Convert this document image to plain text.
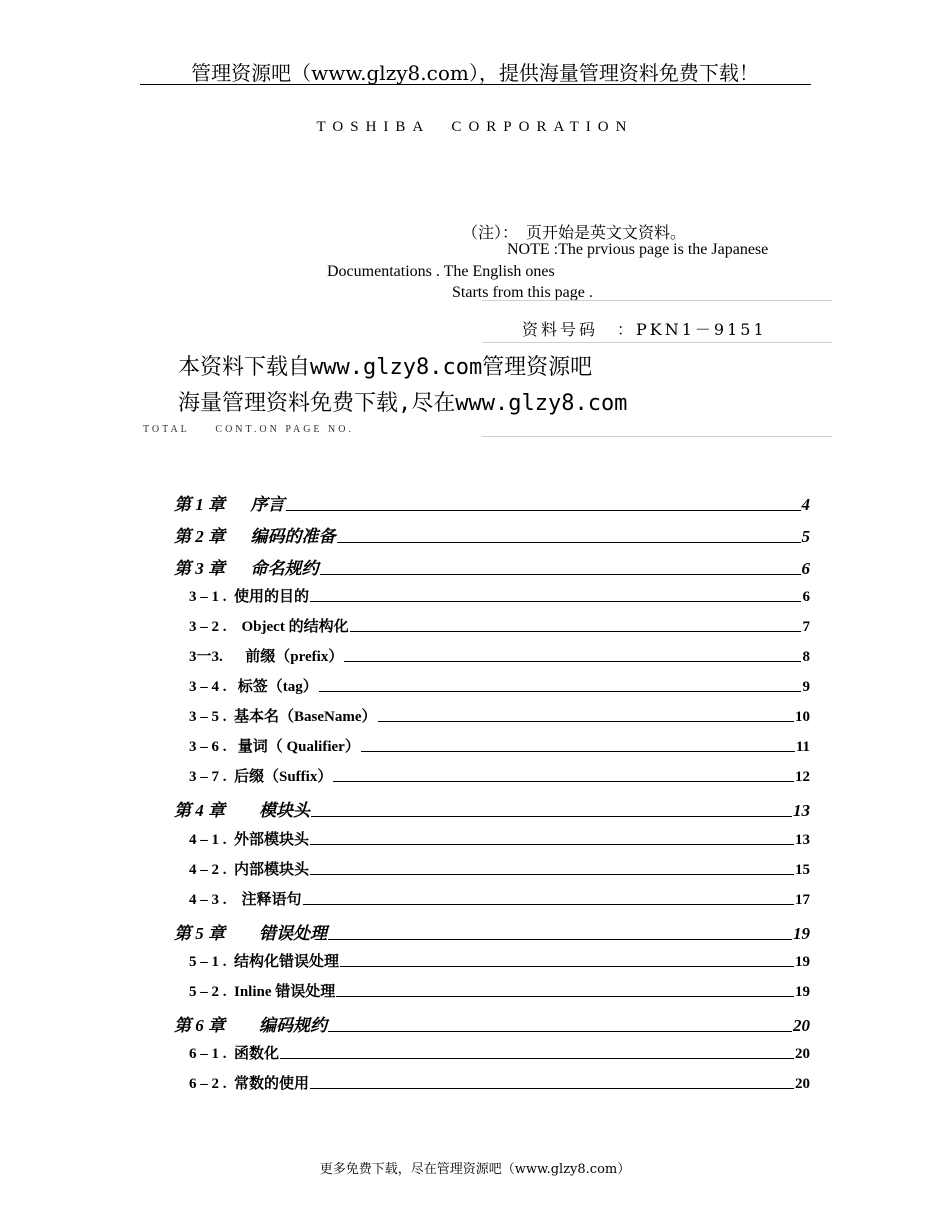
管理资源吧（www.glzy8.com），提供海量管理资料免费下载！
TOSHIBA　CORPORATION
（注）：　页开始是英文文资料。
NOTE :The prvious page is the Japanese
Documentations . The English ones
Starts from this page .
资料号码　：PKN1－9151
本资料下载自www.glzy8.com管理资源吧
海量管理资料免费下载,尽在www.glzy8.com
TOTAL　　CONT.ON PAGE NO.
第 1 章　 序言	4
第 2 章　 编码的准备	5
第 3 章　 命名规约	6
3 – 1 . 使用的目的	6
3 – 2 . Object 的结构化	7
3一3. 前缀（prefix）	8
3 – 4 . 标签（tag）	9
3 – 5 . 基本名（BaseName）	10
3 – 6 . 量词（ Qualifier）	11
3 – 7 . 后缀（Suffix）	12
第 4 章　　 模块头	13
4 – 1 . 外部模块头	13
4 – 2 . 内部模块头	15
4 – 3 . 注释语句	17
第 5 章　　 错误处理	19
5 – 1 . 结构化错误处理	19
5 – 2 . Inline 错误处理	19
第 6 章　　 编码规约	20
6 – 1 . 函数化	20
6 – 2 . 常数的使用	20
更多免费下载，尽在管理资源吧（www.glzy8.com）
